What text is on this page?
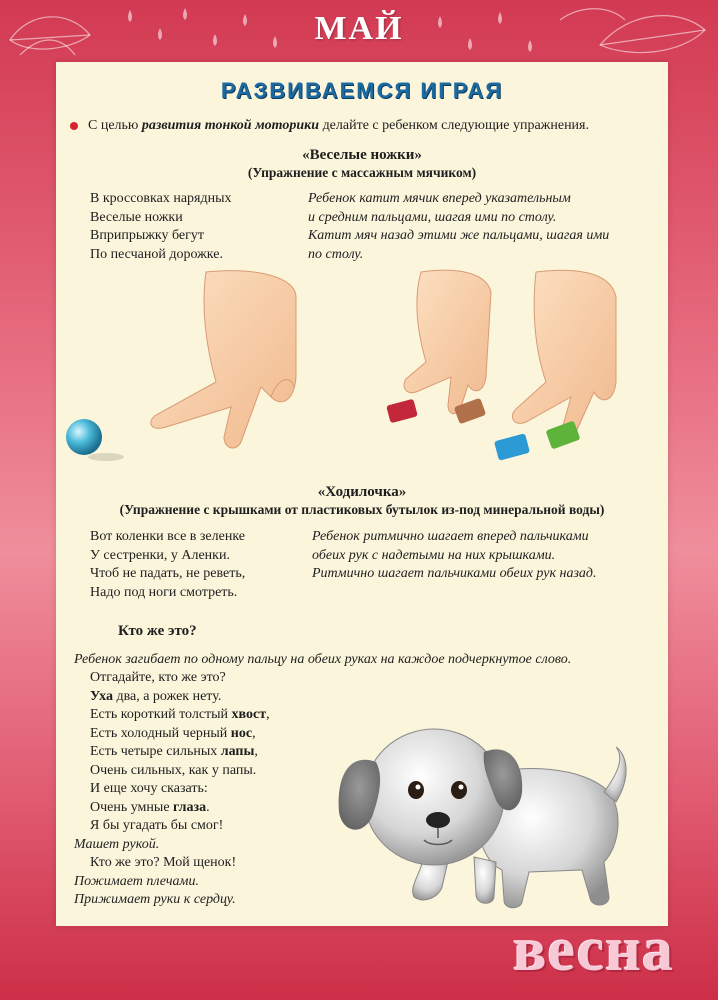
МАЙ
РАЗВИВАЕМСЯ ИГРАЯ
С целью развития тонкой моторики делайте с ребенком следующие упражнения.
«Веселые ножки»
(Упражнение с массажным мячиком)
В кроссовках нарядных
Веселые ножки
Вприпрыжку бегут
По песчаной дорожке.
Ребенок катит мячик вперед указательным
и средним пальцами, шагая ими по столу.
Катит мяч назад этими же пальцами, шагая ими
по столу.
«Ходилочка»
(Упражнение с крышками от пластиковых бутылок из-под минеральной воды)
Вот коленки все в зеленке
У сестренки, у Аленки.
Чтоб не падать, не реветь,
Надо под ноги смотреть.
Ребенок ритмично шагает вперед пальчиками
обеих рук с надетыми на них крышками.
Ритмично шагает пальчиками обеих рук назад.
Кто же это?
Ребенок загибает по одному пальцу на обеих руках на каждое подчеркнутое слово.
Отгадайте, кто же это?
Уха два, а рожек нету.
Есть короткий толстый хвост,
Есть холодный черный нос,
Есть четыре сильных лапы,
Очень сильных, как у папы.
И еще хочу сказать:
Очень умные глаза.
Я бы угадать бы смог!
Машет рукой.
Кто же это? Мой щенок!
Пожимает плечами.
Прижимает руки к сердцу.
весна
